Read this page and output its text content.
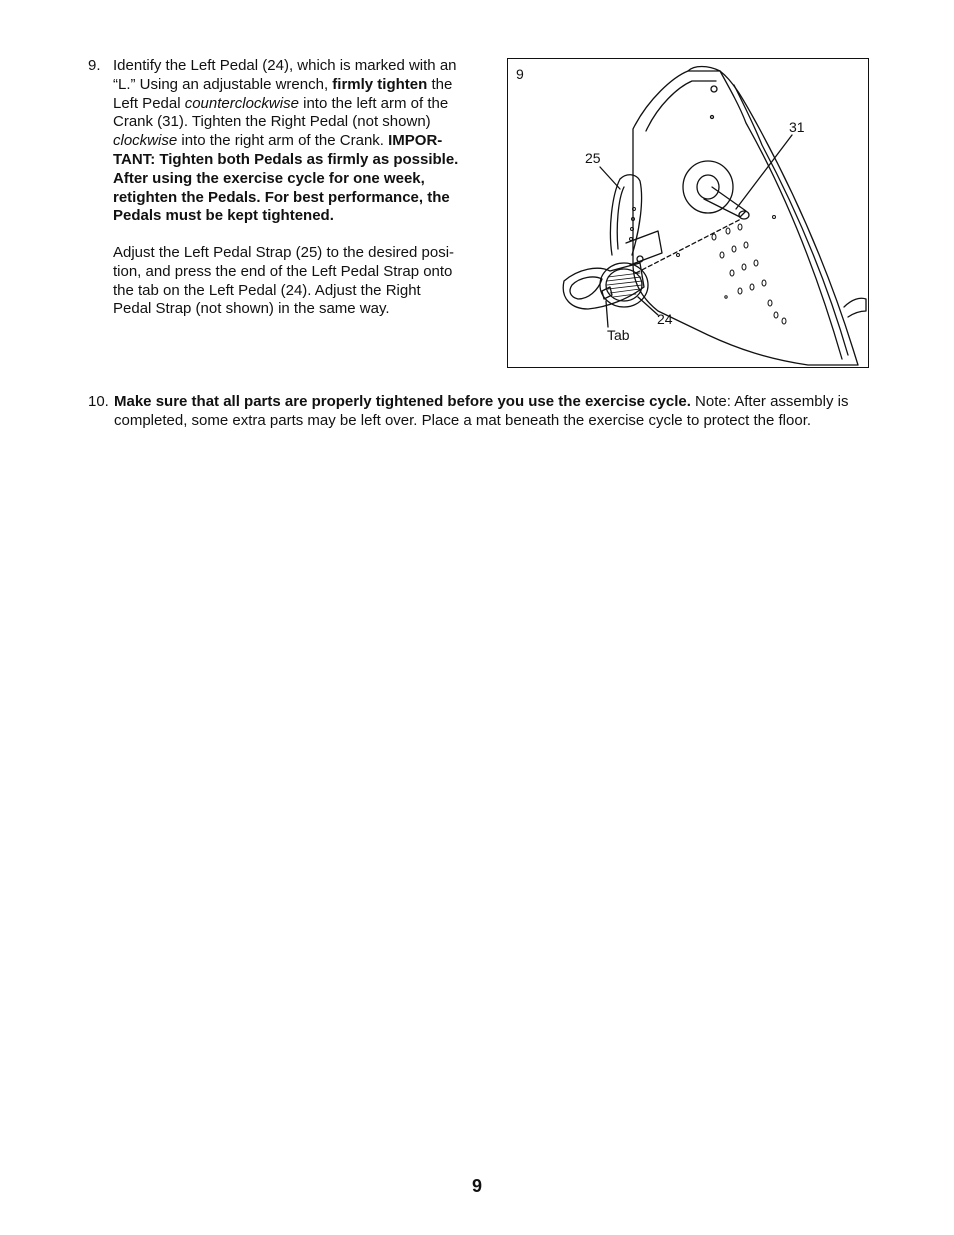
9. Identify the Left Pedal (24), which is marked with an
“L.” Using an adjustable wrench, firmly tighten the
Left Pedal counterclockwise into the left arm of the
Crank (31). Tighten the Right Pedal (not shown)
clockwise into the right arm of the Crank. IMPOR-
TANT: Tighten both Pedals as firmly as possible.
After using the exercise cycle for one week,
retighten the Pedals. For best performance, the
Pedals must be kept tightened.
Adjust the Left Pedal Strap (25) to the desired posi-
tion, and press the end of the Left Pedal Strap onto
the tab on the Left Pedal (24). Adjust the Right
Pedal Strap (not shown) in the same way.
9
31
25
24
Tab
10. Make sure that all parts are properly tightened before you use the exercise cycle. Note: After assembly is
completed, some extra parts may be left over. Place a mat beneath the exercise cycle to protect the floor.
9
